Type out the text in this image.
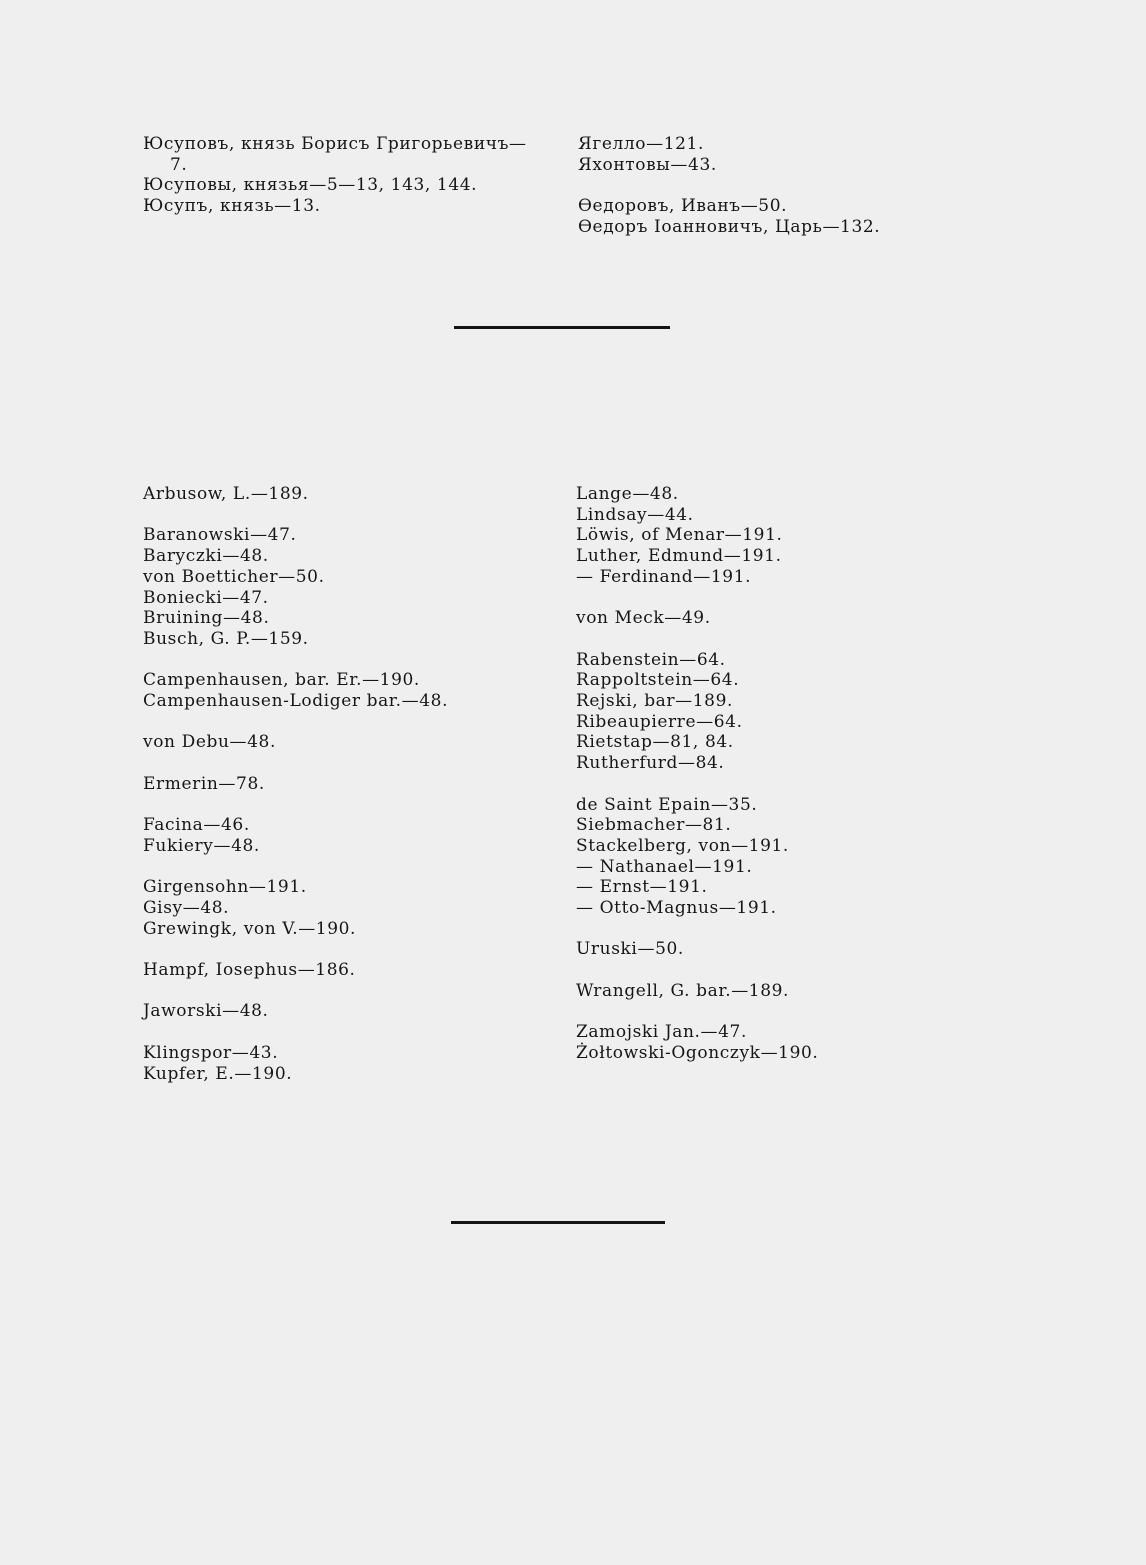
Юсуповъ, князь Борисъ Григорьевичъ—
7.
Юсуповы, князья—5—13, 143, 144.
Юсупъ, князь—13.
Ягелло—121.
Яхонтовы—43.
Өедоровъ, Иванъ—50.
Өедоръ Іоанновичъ, Царь—132.
Arbusow, L.—189.
Baranowski—47.
Baryczki—48.
von Boetticher—50.
Boniecki—47.
Bruining—48.
Busch, G. P.—159.
Campenhausen, bar. Er.—190.
Campenhausen-Lodiger bar.—48.
von Debu—48.
Ermerin—78.
Facina—46.
Fukiery—48.
Girgensohn—191.
Gisy—48.
Grewingk, von V.—190.
Hampf, Iosephus—186.
Jaworski—48.
Klingspor—43.
Kupfer, E.—190.
Lange—48.
Lindsay—44.
Löwis, of Menar—191.
Luther, Edmund—191.
— Ferdinand—191.
von Meck—49.
Rabenstein—64.
Rappoltstein—64.
Rejski, bar—189.
Ribeaupierre—64.
Rietstap—81, 84.
Rutherfurd—84.
de Saint Epain—35.
Siebmacher—81.
Stackelberg, von—191.
— Nathanael—191.
— Ernst—191.
— Otto-Magnus—191.
Uruski—50.
Wrangell, G. bar.—189.
Zamojski Jan.—47.
Żołtowski-Ogonczyk—190.
